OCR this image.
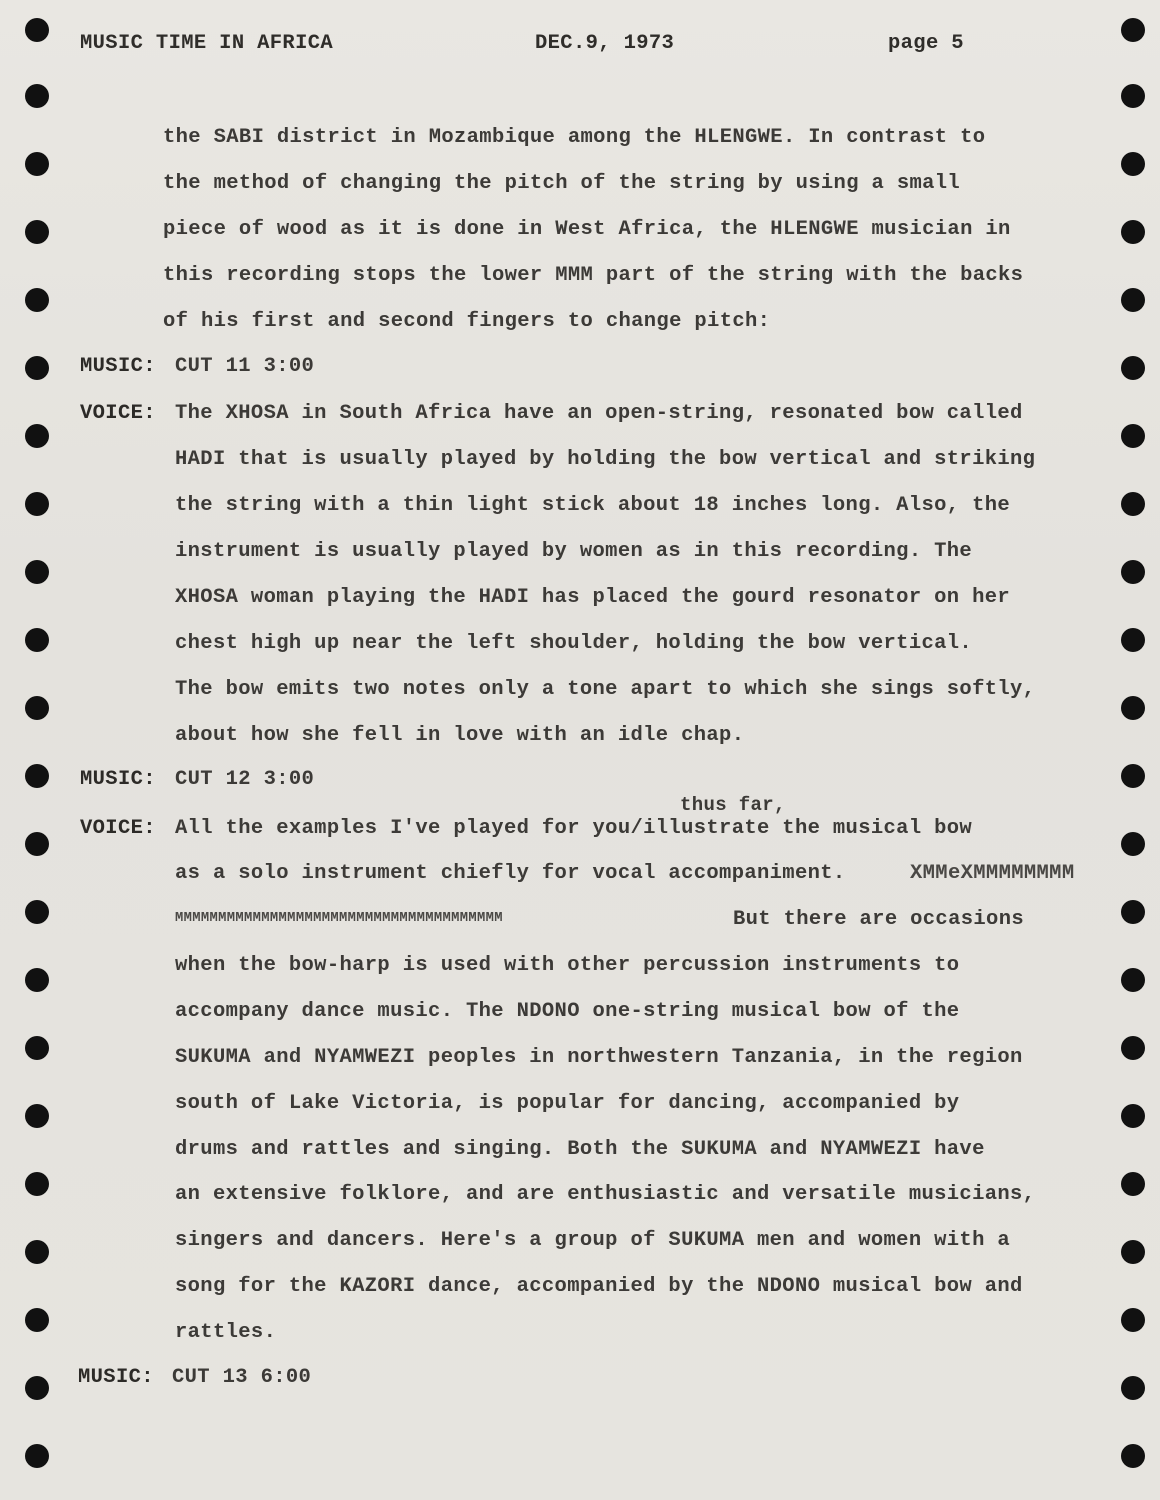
MUSIC TIME IN AFRICA	DEC.9, 1973	page 5
the SABI district in Mozambique among the HLENGWE. In contrast to
the method of changing the pitch of the string by using a small
piece of wood as it is done in West Africa, the HLENGWE musician in
this recording stops the lower MMM part of the string with the backs
of his first and second fingers to change pitch:
MUSIC: CUT 11 3:00
VOICE: The XHOSA in South Africa have an open-string, resonated bow called
HADI that is usually played by holding the bow vertical and striking
the string with a thin light stick about 18 inches long. Also, the
instrument is usually played by women as in this recording. The
XHOSA woman playing the HADI has placed the gourd resonator on her
chest high up near the left shoulder, holding the bow vertical.
The bow emits two notes only a tone apart to which she sings softly,
about how she fell in love with an idle chap.
MUSIC: CUT 12 3:00
thus far,
VOICE: All the examples I've played for you/illustrate the musical bow
as a solo instrument chiefly for vocal accompaniment.	XMMeXMMMMMMMM
MMMMMMMMMMMMMMMMMMMMMMMMMMMMMMMMMMMMMM	But there are occasions
when the bow-harp is used with other percussion instruments to
accompany dance music. The NDONO one-string musical bow of the
SUKUMA and NYAMWEZI peoples in northwestern Tanzania, in the region
south of Lake Victoria, is popular for dancing, accompanied by
drums and rattles and singing. Both the SUKUMA and NYAMWEZI have
an extensive folklore, and are enthusiastic and versatile musicians,
singers and dancers. Here's a group of SUKUMA men and women with a
song for the KAZORI dance, accompanied by the NDONO musical bow and
rattles.
MUSIC: CUT 13 6:00
